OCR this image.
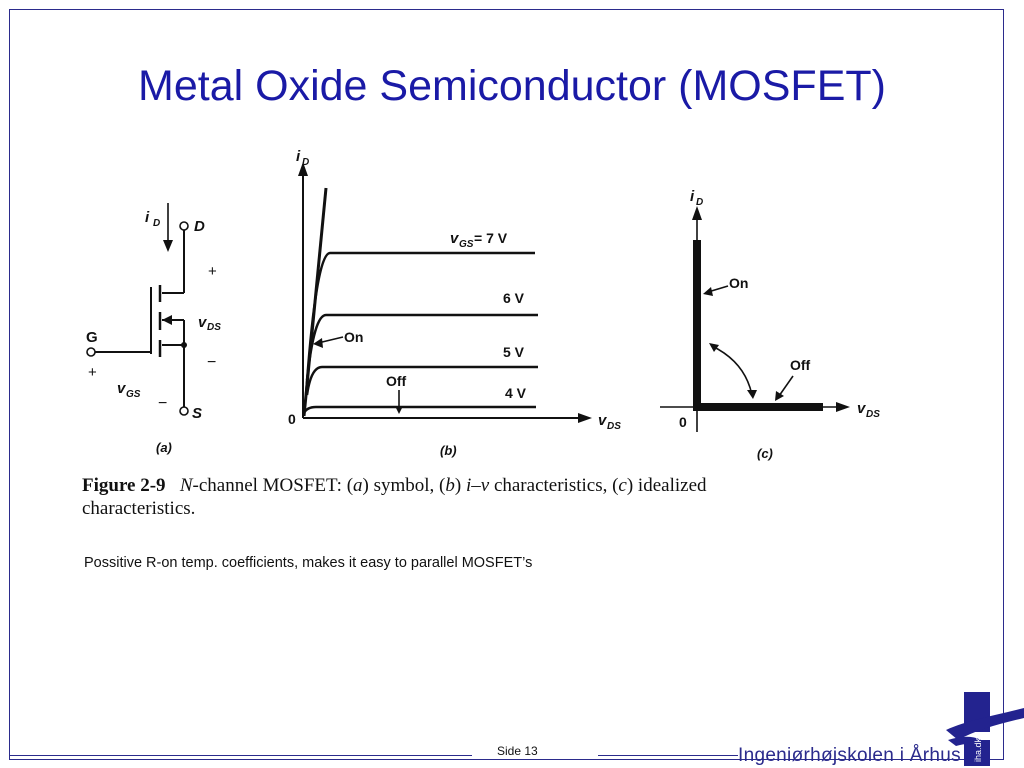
Metal Oxide Semiconductor (MOSFET)
i D D
G
S
+
v DS
−
+
v GS
−
(a)
i D
v DS
0
v GS = 7 V
6 V
5 V
4 V
On
Off
(b)
i D
v DS
0
On
Off
(c)
Figure 2-9 N-channel MOSFET: (a) symbol, (b) i–v characteristics, (c) idealized
characteristics.
Possitive R-on temp. coefficients, makes it easy to parallel MOSFET’s
Side 13	Ingeniørhøjskolen i Århus iha.dk
